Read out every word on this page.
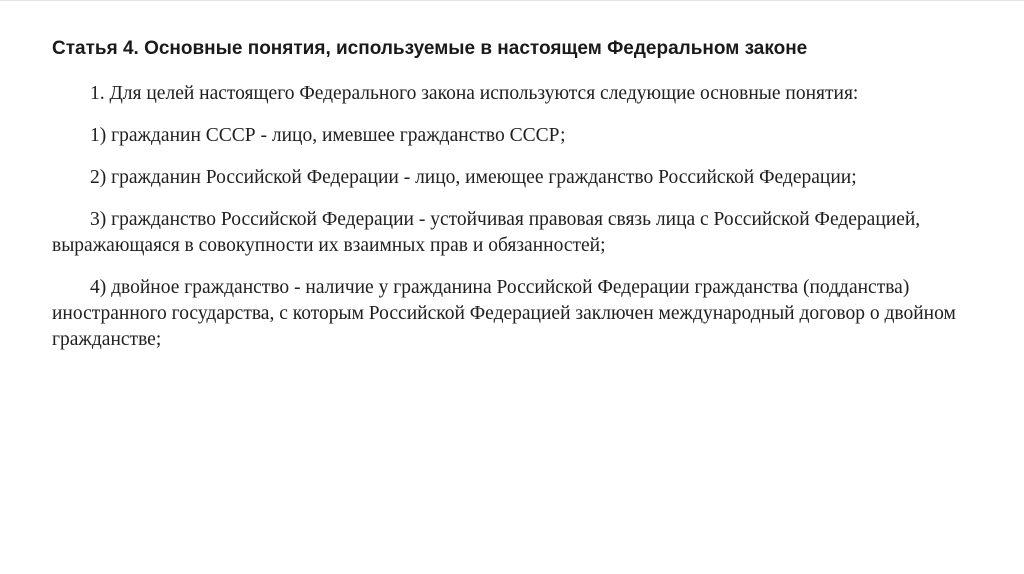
Статья 4. Основные понятия, используемые в настоящем Федеральном законе

1. Для целей настоящего Федерального закона используются следующие основные понятия:

1) гражданин СССР - лицо, имевшее гражданство СССР;

2) гражданин Российской Федерации - лицо, имеющее гражданство Российской Федерации;

3) гражданство Российской Федерации - устойчивая правовая связь лица с Российской Федерацией, выражающаяся в совокупности их взаимных прав и обязанностей;

4) двойное гражданство - наличие у гражданина Российской Федерации гражданства (подданства) иностранного государства, с которым Российской Федерацией заключен международный договор о двойном гражданстве;
